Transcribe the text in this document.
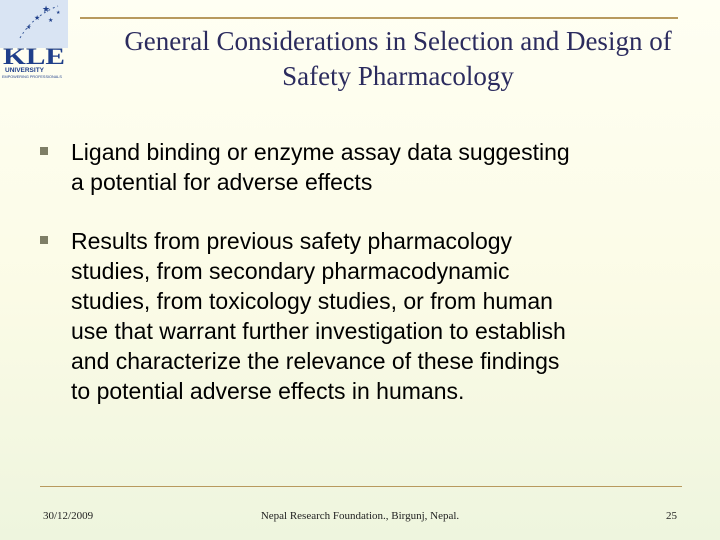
★
★ ★
★
★
KLE
UNIVERSITY
EMPOWERING PROFESSIONALS
General Considerations in Selection and Design of
Safety Pharmacology
Ligand binding or enzyme assay data suggesting
a potential for adverse effects
Results from previous safety pharmacology
studies, from secondary pharmacodynamic
studies, from toxicology studies, or from human
use that warrant further investigation to establish
and characterize the relevance of these findings
to potential adverse effects in humans.
30/12/2009	Nepal Research Foundation., Birgunj, Nepal.	25
